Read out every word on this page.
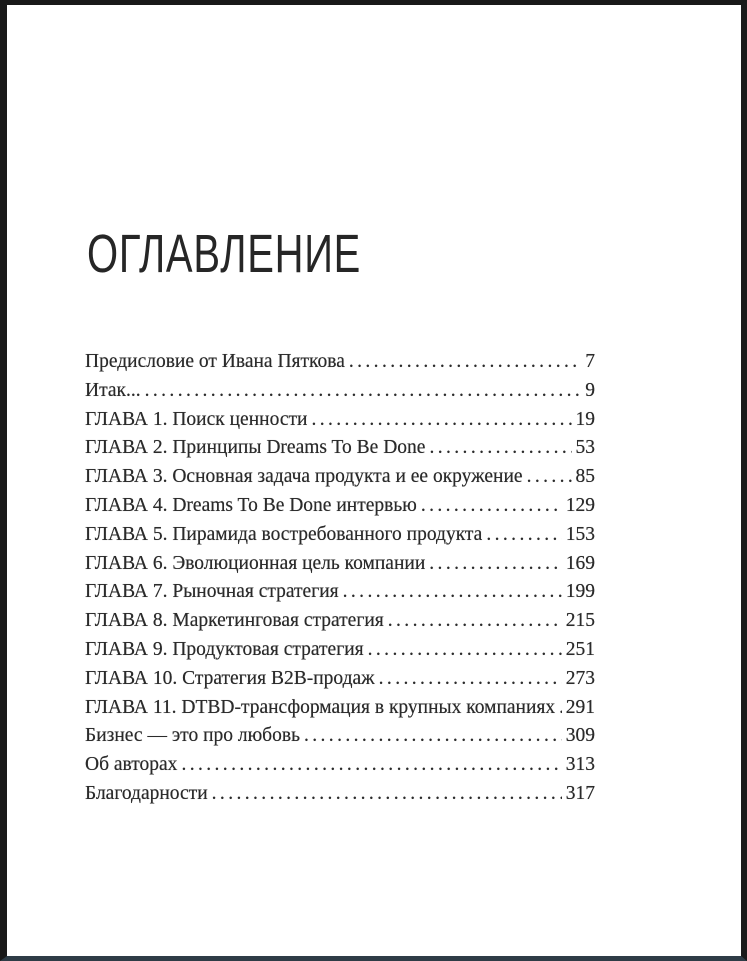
ОГЛАВЛЕНИЕ
Предисловие от Ивана Пяткова .....	7
Итак... .....	9
ГЛАВА 1. Поиск ценности .....	19
ГЛАВА 2. Принципы Dreams To Be Done .....	53
ГЛАВА 3. Основная задача продукта и ее окружение .....	85
ГЛАВА 4. Dreams To Be Done интервью .....	129
ГЛАВА 5. Пирамида востребованного продукта .....	153
ГЛАВА 6. Эволюционная цель компании .....	169
ГЛАВА 7. Рыночная стратегия .....	199
ГЛАВА 8. Маркетинговая стратегия .....	215
ГЛАВА 9. Продуктовая стратегия .....	251
ГЛАВА 10. Стратегия B2B-продаж .....	273
ГЛАВА 11. DTBD-трансформация в крупных компаниях ..... 291
Бизнес — это про любовь .....	309
Об авторах .....	313
Благодарности .....	317
